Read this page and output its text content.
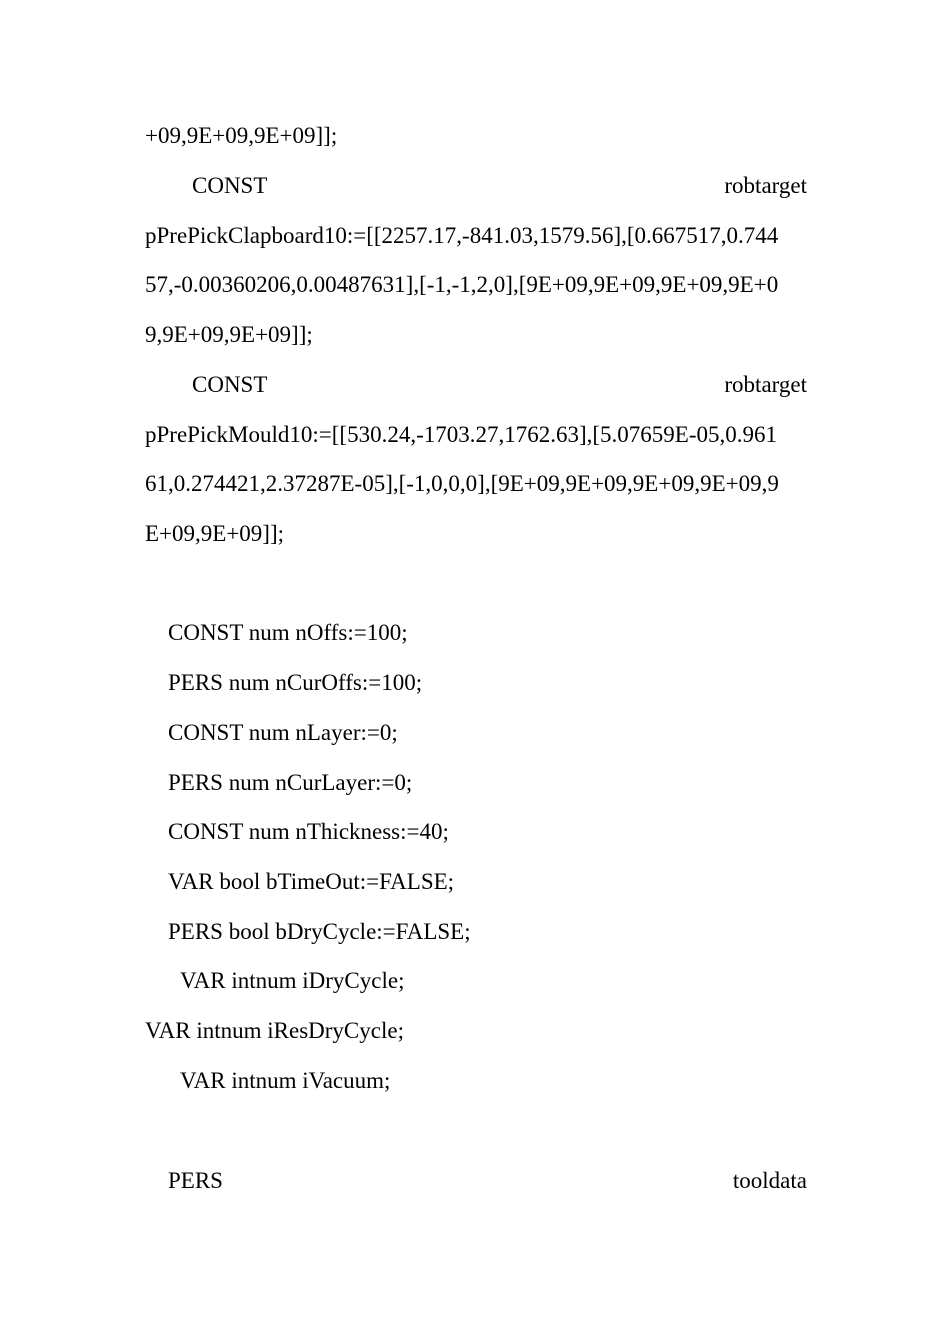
+09,9E+09,9E+09]];
CONST	robtarget
pPrePickClapboard10:=[[2257.17,-841.03,1579.56],[0.667517,0.744
57,-0.00360206,0.00487631],[-1,-1,2,0],[9E+09,9E+09,9E+09,9E+0
9,9E+09,9E+09]];
CONST	robtarget
pPrePickMould10:=[[530.24,-1703.27,1762.63],[5.07659E-05,0.961
61,0.274421,2.37287E-05],[-1,0,0,0],[9E+09,9E+09,9E+09,9E+09,9
E+09,9E+09]];
CONST num nOffs:=100;
PERS num nCurOffs:=100;
CONST num nLayer:=0;
PERS num nCurLayer:=0;
CONST num nThickness:=40;
VAR bool bTimeOut:=FALSE;
PERS bool bDryCycle:=FALSE;
VAR intnum iDryCycle;
VAR intnum iResDryCycle;
VAR intnum iVacuum;
PERS	tooldata
